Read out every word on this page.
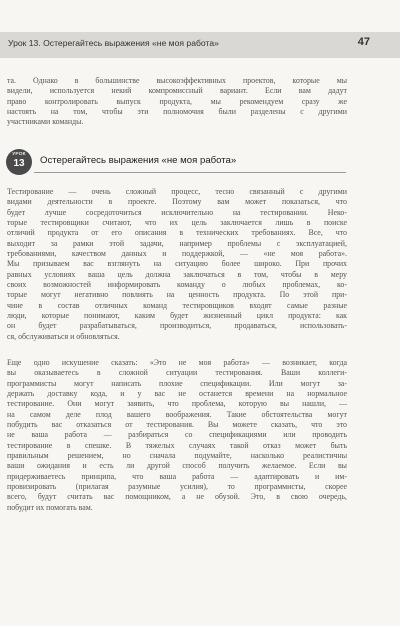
Урок 13. Остерегайтесь выражения «не моя работа»	47

та. Однако в большинстве высокоэффективных проектов, которые мы
видели, используется некий компромиссный вариант. Если вам дадут
право контролировать выпуск продукта, мы рекомендуем сразу же
настоять на том, чтобы эти полномочия были разделены с другими
участниками команды.

УРОК
13	Остерегайтесь выражения «не моя работа»

Тестирование — очень сложный процесс, тесно связанный с другими
видами деятельности в проекте. Поэтому вам может показаться, что
будет лучше сосредоточиться исключительно на тестировании. Неко-
торые тестировщики считают, что их цель заключается лишь в поиске
отличий продукта от его описания в технических требованиях. Все, что
выходит за рамки этой задачи, например проблемы с эксплуатацией,
требованиями, качеством данных и поддержкой, — «не моя работа».
Мы призываем вас взглянуть на ситуацию более широко. При прочих
равных условиях ваша цель должна заключаться в том, чтобы в меру
своих возможностей информировать команду о любых проблемах, ко-
торые могут негативно повлиять на ценность продукта. По этой при-
чине в состав отличных команд тестировщиков входят самые разные
люди, которые понимают, каким будет жизненный цикл продукта: как
он будет разрабатываться, производиться, продаваться, использовать-
ся, обслуживаться и обновляться.

Еще одно искушение сказать: «Это не моя работа» — возникает, когда
вы оказываетесь в сложной ситуации тестирования. Ваши коллеги-
программисты могут написать плохие спецификации. Или могут за-
держать доставку кода, и у вас не останется времени на нормальное
тестирование. Они могут заявить, что проблема, которую вы нашли, —
на самом деле плод вашего воображения. Такие обстоятельства могут
побудить вас отказаться от тестирования. Вы можете сказать, что это
не ваша работа — разбираться со спецификациями или проводить
тестирование в спешке. В тяжелых случаях такой отказ может быть
правильным решением, но сначала подумайте, насколько реалистичны
ваши ожидания и есть ли другой способ получить желаемое. Если вы
придерживаетесь принципа, что ваша работа — адаптировать и им-
провизировать (прилагая разумные усилия), то программисты, скорее
всего, будут считать вас помощником, а не обузой. Это, в свою очередь,
побудит их помогать вам.
